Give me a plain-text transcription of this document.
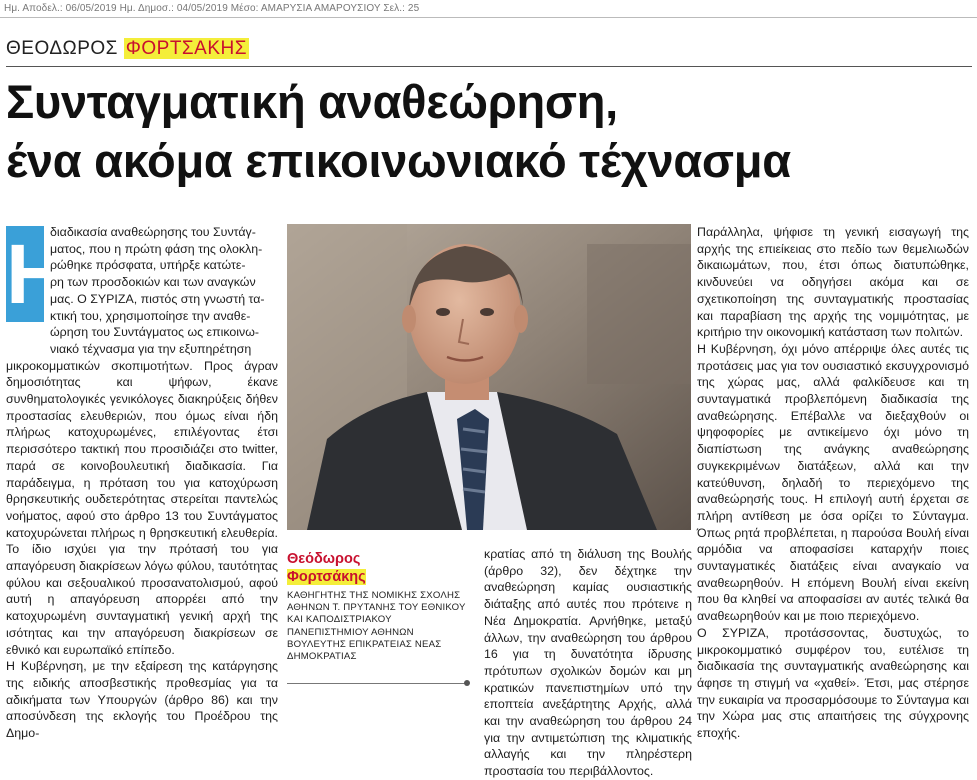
Ημ. Αποδελ.: 06/05/2019 Ημ. Δημοσ.: 04/05/2019 Μέσο: ΑΜΑΡΥΣΙΑ ΑΜΑΡΟΥΣΙΟΥ Σελ.: 25
ΘΕΟΔΩΡΟΣ ΦΟΡΤΣΑΚΗΣ
Συνταγματική αναθεώρηση,
ένα ακόμα επικοινωνιακό τέχνασμα
Η
διαδικασία αναθεώρησης του Συντάγ-
ματος, που η πρώτη φάση της ολοκλη-
ρώθηκε πρόσφατα, υπήρξε κατώτε-
ρη των προσδοκιών και των αναγκών
μας. Ο ΣΥΡΙΖΑ, πιστός στη γνωστή τα-
κτική του, χρησιμοποίησε την αναθε-
ώρηση του Συντάγματος ως επικοινω-
νιακό τέχνασμα για την εξυπηρέτηση

μικροκομματικών σκοπιμοτήτων. Προς άγραν δημοσιότητας και ψήφων, έκανε συνθηματολογικές γενικόλογες διακηρύξεις δήθεν προστασίας ελευθεριών, που όμως είναι ήδη πλήρως κατοχυρωμένες, επιλέγοντας έτσι περισσότερο τακτική που προσιδιάζει στο twitter, παρά σε κοινοβουλευτική διαδικασία. Για παράδειγμα, η πρόταση του για κατοχύρωση θρησκευτικής ουδετερότητας στερείται παντελώς νοήματος, αφού στο άρθρο 13 του Συντάγματος κατοχυρώνεται πλήρως η θρησκευτική ελευθερία. Το ίδιο ισχύει για την πρότασή του για απαγόρευση διακρίσεων λόγω φύλου, ταυτότητας φύλου και σεξουαλικού προσανατολισμού, αφού αυτή η απαγόρευση απορρέει από την κατοχυρωμένη συνταγματική γενική αρχή της ισότητας και την απαγόρευση διακρίσεων σε εθνικό και ευρωπαϊκό επίπεδο.

Η Κυβέρνηση, με την εξαίρεση της κατάργησης της ειδικής αποσβεστικής προθεσμίας για τα αδικήματα των Υπουργών (άρθρο 86) και την αποσύνδεση της εκλογής του Προέδρου της Δημο-

Θεόδωρος
Φορτσάκης
ΚΑΘΗΓΗΤΗΣ ΤΗΣ ΝΟΜΙΚΗΣ ΣΧΟΛΗΣ ΑΘΗΝΩΝ Τ. ΠΡΥΤΑΝΗΣ ΤΟΥ ΕΘΝΙΚΟΥ ΚΑΙ ΚΑΠΟΔΙΣΤΡΙΑΚΟΥ ΠΑΝΕΠΙΣΤΗΜΙΟΥ ΑΘΗΝΩΝ ΒΟΥΛΕΥΤΗΣ ΕΠΙΚΡΑΤΕΙΑΣ ΝΕΑΣ ΔΗΜΟΚΡΑΤΙΑΣ

κρατίας από τη διάλυση της Βουλής (άρθρο 32), δεν δέχτηκε την αναθεώρηση καμίας ουσιαστικής διάταξης από αυτές που πρότεινε η Νέα Δημοκρατία. Αρνήθηκε, μεταξύ άλλων, την αναθεώρηση του άρθρου 16 για τη δυνατότητα ίδρυσης πρότυπων σχολικών δομών και μη κρατικών πανεπιστημίων υπό την εποπτεία ανεξάρτητης Αρχής, αλλά και την αναθεώρηση του άρθρου 24 για την αντιμετώπιση της κλιματικής αλλαγής και την πληρέστερη προστασία του περιβάλλοντος.

Παράλληλα, ψήφισε τη γενική εισαγωγή της αρχής της επιείκειας στο πεδίο των θεμελιωδών δικαιωμάτων, που, έτσι όπως διατυπώθηκε, κινδυνεύει να οδηγήσει ακόμα και σε σχετικοποίηση της συνταγματικής προστασίας και παραβίαση της αρχής της νομιμότητας, με κριτήριο την οικονομική κατάσταση των πολιτών.

Η Κυβέρνηση, όχι μόνο απέρριψε όλες αυτές τις προτάσεις μας για τον ουσιαστικό εκσυγχρονισμό της χώρας μας, αλλά φαλκίδευσε και τη συνταγματικά προβλεπόμενη διαδικασία της αναθεώρησης. Επέβαλλε να διεξαχθούν οι ψηφοφορίες με αντικείμενο όχι μόνο τη διαπίστωση της ανάγκης αναθεώρησης συγκεκριμένων διατάξεων, αλλά και την κατεύθυνση, δηλαδή το περιεχόμενο της αναθεώρησής τους. Η επιλογή αυτή έρχεται σε πλήρη αντίθεση με όσα ορίζει το Σύνταγμα. Όπως ρητά προβλέπεται, η παρούσα Βουλή είναι αρμόδια να αποφασίσει καταρχήν ποιες συνταγματικές διατάξεις είναι αναγκαίο να αναθεωρηθούν. Η επόμενη Βουλή είναι εκείνη που θα κληθεί να αποφασίσει αν αυτές τελικά θα αναθεωρηθούν και με ποιο περιεχόμενο.

Ο ΣΥΡΙΖΑ, προτάσσοντας, δυστυχώς, το μικροκομματικό συμφέρον του, ευτέλισε τη διαδικασία της συνταγματικής αναθεώρησης και άφησε τη στιγμή να «χαθεί». Έτσι, μας στέρησε την ευκαιρία να προσαρμόσουμε το Σύνταγμα και την Χώρα μας στις απαιτήσεις της σύγχρονης εποχής.
